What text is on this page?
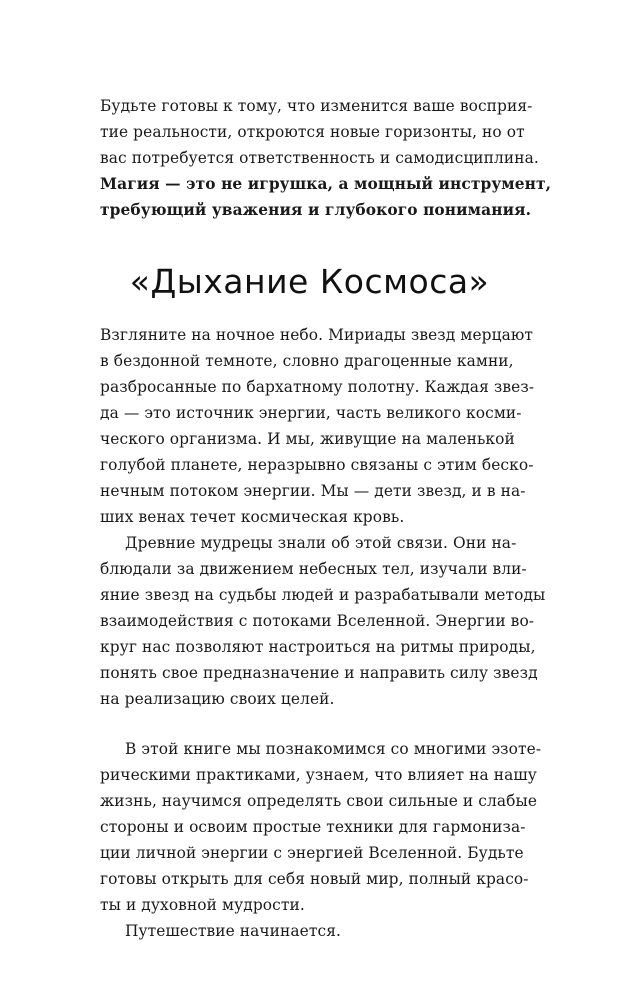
Будьте готовы к тому, что изменится ваше восприя-
тие реальности, откроются новые горизонты, но от
вас потребуется ответственность и самодисциплина.
Магия — это не игрушка, а мощный инструмент,
требующий уважения и глубокого понимания.
«Дыхание Космоса»
Взгляните на ночное небо. Мириады звезд мерцают
в бездонной темноте, словно драгоценные камни,
разбросанные по бархатному полотну. Каждая звез-
да — это источник энергии, часть великого косми-
ческого организма. И мы, живущие на маленькой
голубой планете, неразрывно связаны с этим беско-
нечным потоком энергии. Мы — дети звезд, и в на-
ших венах течет космическая кровь.
Древние мудрецы знали об этой связи. Они на-
блюдали за движением небесных тел, изучали вли-
яние звезд на судьбы людей и разрабатывали методы
взаимодействия с потоками Вселенной. Энергии во-
круг нас позволяют настроиться на ритмы природы,
понять свое предназначение и направить силу звезд
на реализацию своих целей.
В этой книге мы познакомимся со многими эзоте-
рическими практиками, узнаем, что влияет на нашу
жизнь, научимся определять свои сильные и слабые
стороны и освоим простые техники для гармониза-
ции личной энергии с энергией Вселенной. Будьте
готовы открыть для себя новый мир, полный красо-
ты и духовной мудрости.
Путешествие начинается.
